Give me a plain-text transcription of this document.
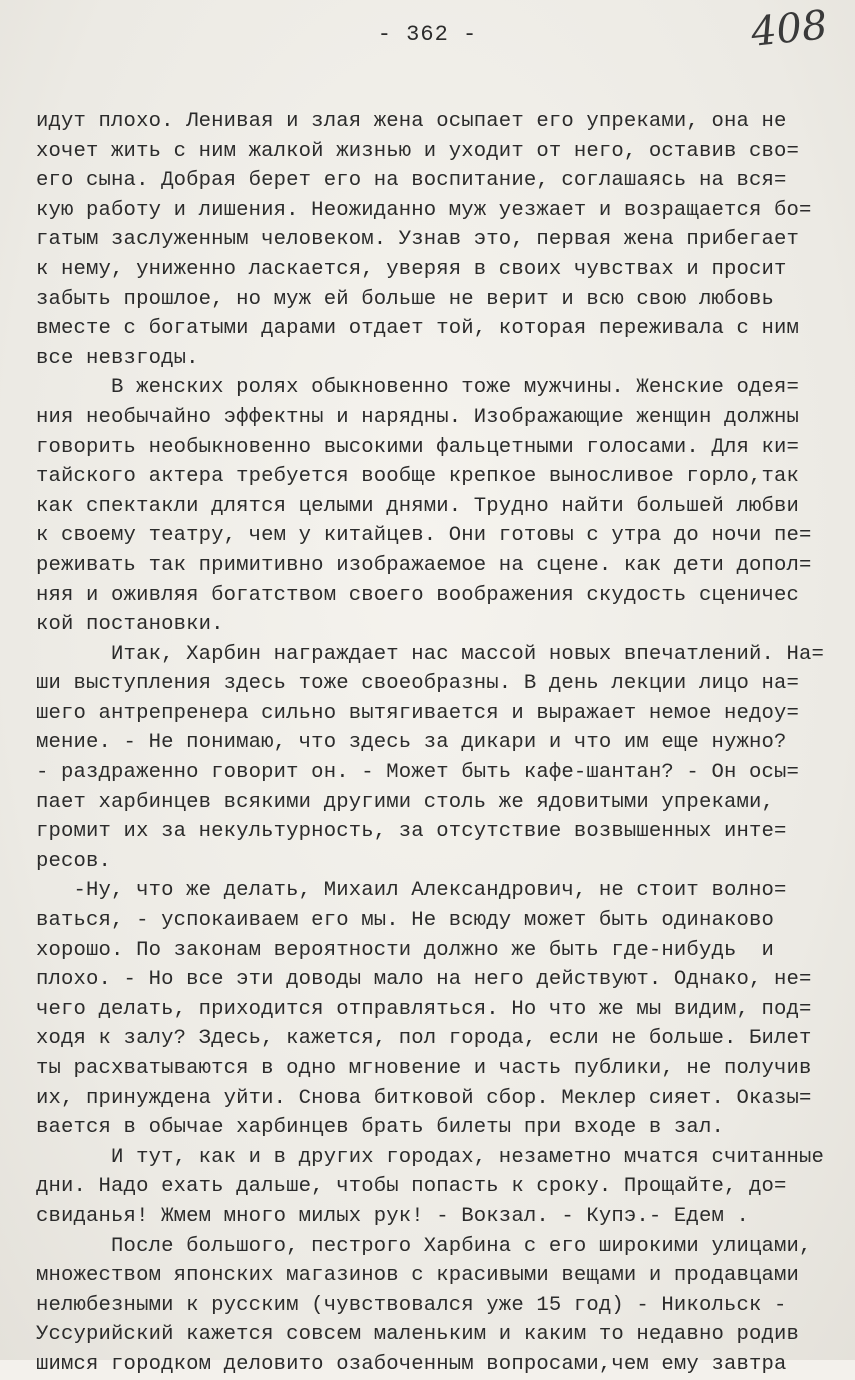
- 362 -	408
идут плохо. Ленивая и злая жена осыпает его упреками, она не
хочет жить с ним жалкой жизнью и уходит от него, оставив сво=
его сына. Добрая берет его на воспитание, соглашаясь на вся=
кую работу и лишения. Неожиданно муж уезжает и возращается бо=
гатым заслуженным человеком. Узнав это, первая жена прибегает
к нему, униженно ласкается, уверяя в своих чувствах и просит
забыть прошлое, но муж ей больше не верит и всю свою любовь
вместе с богатыми дарами отдает той, которая переживала с ним
все невзгоды.
В женских ролях обыкновенно тоже мужчины. Женские одея=
ния необычайно эффектны и нарядны. Изображающие женщин должны
говорить необыкновенно высокими фальцетными голосами. Для ки=
тайского актера требуется вообще крепкое выносливое горло,так
как спектакли длятся целыми днями. Трудно найти большей любви
к своему театру, чем у китайцев. Они готовы с утра до ночи пе=
реживать так примитивно изображаемое на сцене. как дети допол=
няя и оживляя богатством своего воображения скудость сценичес
кой постановки.
Итак, Харбин награждает нас массой новых впечатлений. На=
ши выступления здесь тоже своеобразны. В день лекции лицо на=
шего антрепренера сильно вытягивается и выражает немое недоу=
мение. - Не понимаю, что здесь за дикари и что им еще нужно?
- раздраженно говорит он. - Может быть кафе-шантан? - Он осы=
пает харбинцев всякими другими столь же ядовитыми упреками,
громит их за некультурность, за отсутствие возвышенных инте=
ресов.
-Ну, что же делать, Михаил Александрович, не стоит волно=
ваться, - успокаиваем его мы. Не всюду может быть одинаково
хорошо. По законам вероятности должно же быть где-нибудь  и
плохо. - Но все эти доводы мало на него действуют. Однако, не=
чего делать, приходится отправляться. Но что же мы видим, под=
ходя к залу? Здесь, кажется, пол города, если не больше. Билет
ты расхватываются в одно мгновение и часть публики, не получив
их, принуждена уйти. Снова битковой сбор. Меклер сияет. Оказы=
вается в обычае харбинцев брать билеты при входе в зал.
И тут, как и в других городах, незаметно мчатся считанные
дни. Надо ехать дальше, чтобы попасть к сроку. Прощайте, до=
свиданья! Жмем много милых рук! - Вокзал. - Купэ.- Едем .
После большого, пестрого Харбина с его широкими улицами,
множеством японских магазинов с красивыми вещами и продавцами
нелюбезными к русским (чувствовался уже 15 год) - Никольск -
Уссурийский кажется совсем маленьким и каким то недавно родив
шимся городком деловито озабоченным вопросами,чем ему завтра
